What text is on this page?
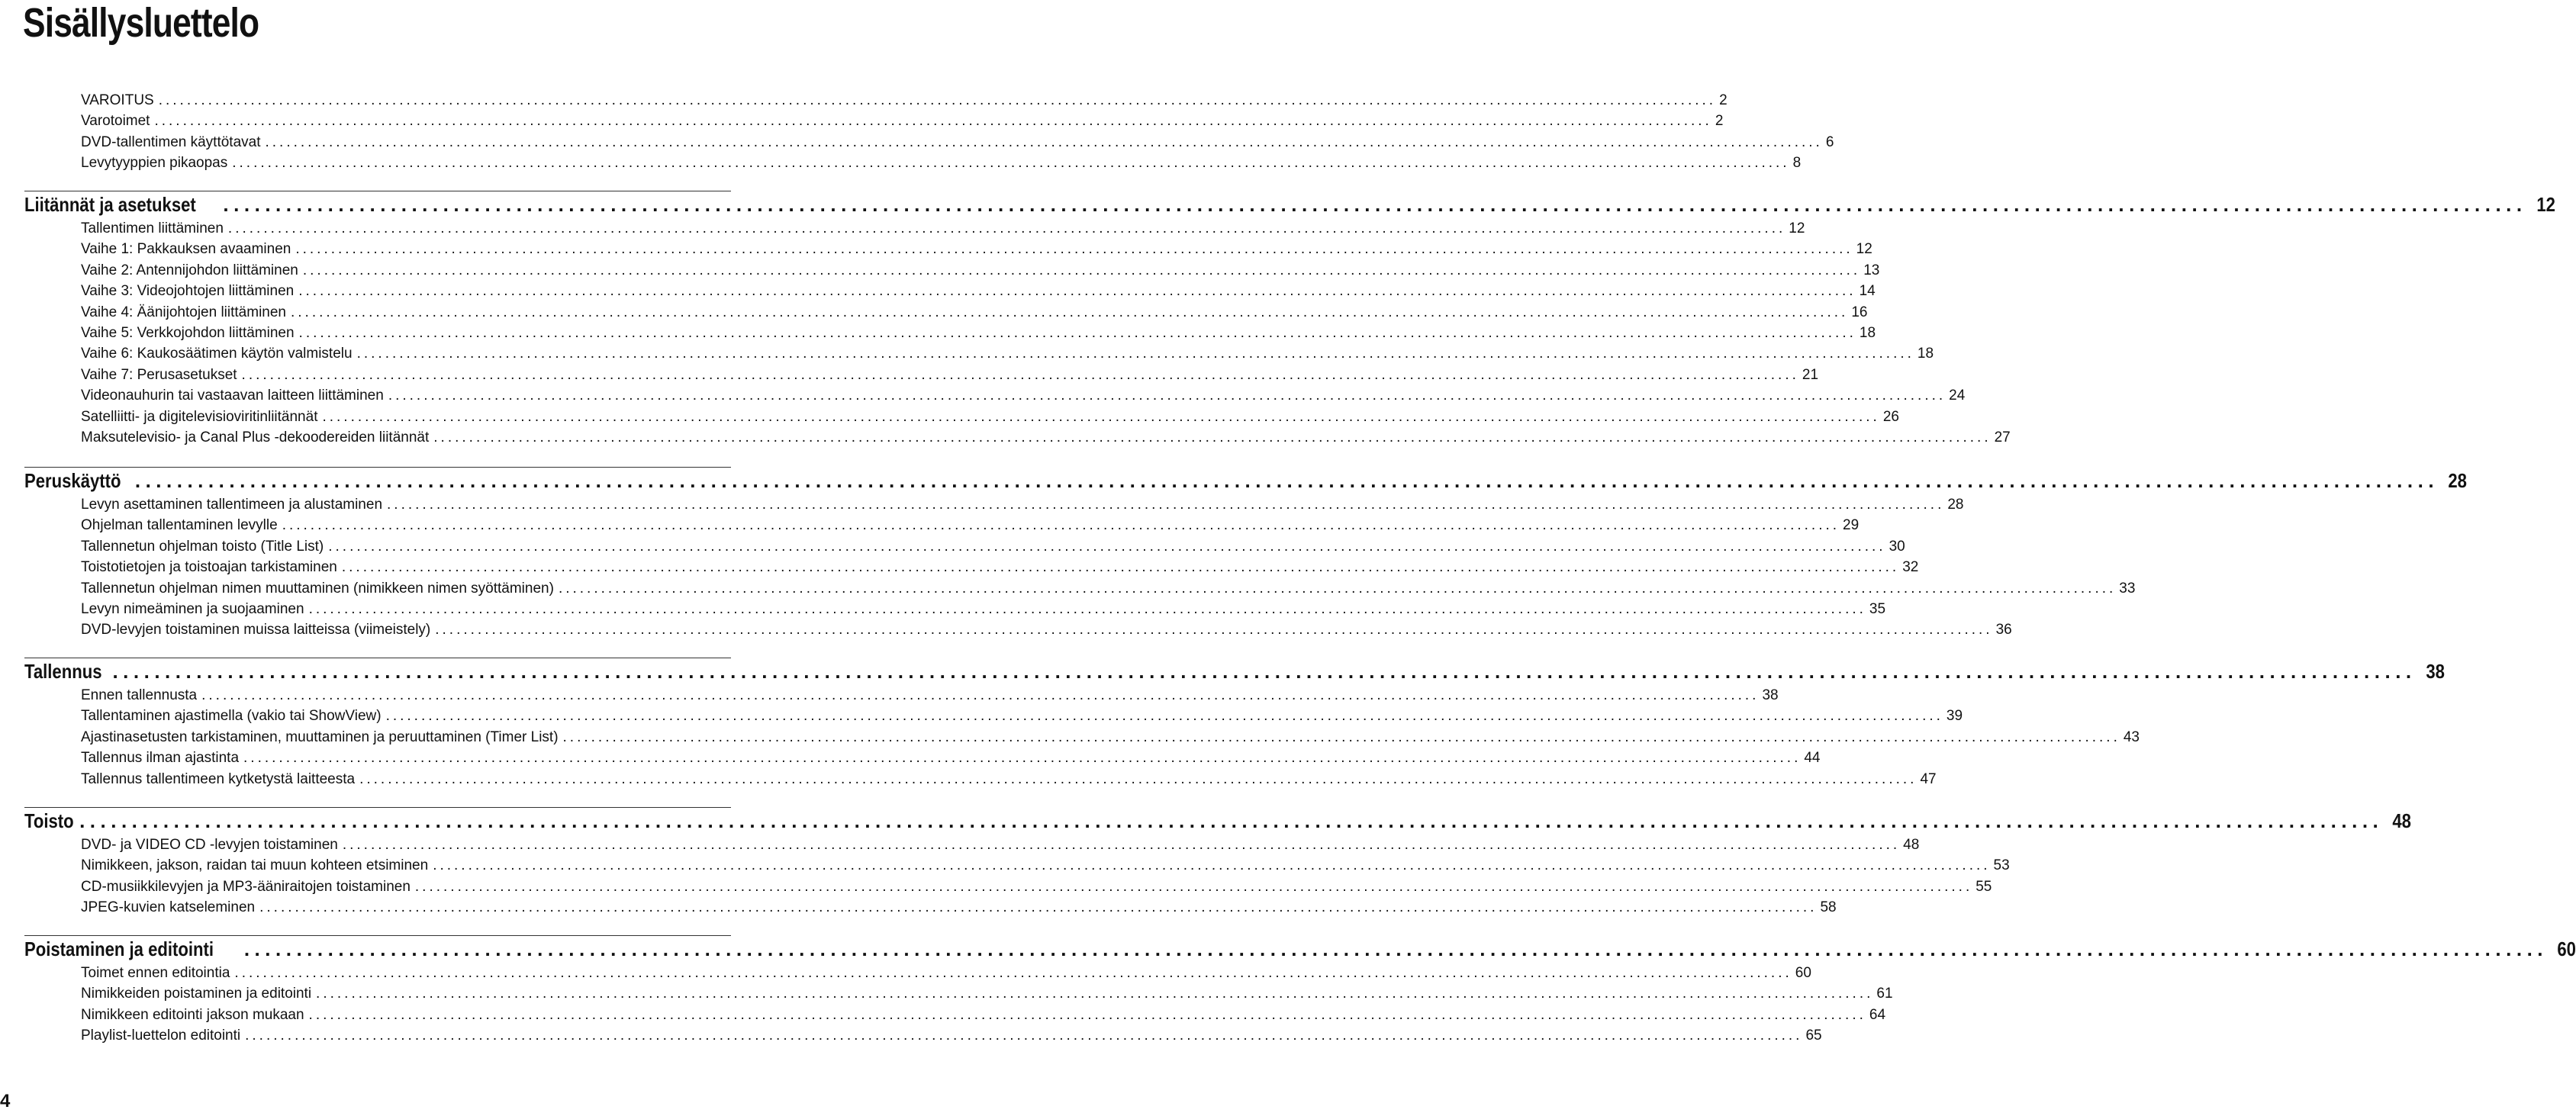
Sisällysluettelo
VAROITUS ............................................................................................................................................................................................................................ 2
Varotoimet ............................................................................................................................................................................................................................ 2
DVD-tallentimen käyttötavat ............................................................................................................................................................................................................................ 6
Levytyyppien pikaopas ............................................................................................................................................................................................................................ 8
Liitännät ja asetukset ............................................................................................................................................................................................................................ 12
Tallentimen liittäminen ............................................................................................................................................................................................................................ 12
Vaihe 1: Pakkauksen avaaminen ............................................................................................................................................................................................................................ 12
Vaihe 2: Antennijohdon liittäminen ............................................................................................................................................................................................................................ 13
Vaihe 3: Videojohtojen liittäminen ............................................................................................................................................................................................................................ 14
Vaihe 4: Äänijohtojen liittäminen ............................................................................................................................................................................................................................ 16
Vaihe 5: Verkkojohdon liittäminen ............................................................................................................................................................................................................................ 18
Vaihe 6: Kaukosäätimen käytön valmistelu ............................................................................................................................................................................................................................ 18
Vaihe 7: Perusasetukset ............................................................................................................................................................................................................................ 21
Videonauhurin tai vastaavan laitteen liittäminen ............................................................................................................................................................................................................................ 24
Satelliitti- ja digitelevisioviritinliitännät ............................................................................................................................................................................................................................ 26
Maksutelevisio- ja Canal Plus -dekoodereiden liitännät ............................................................................................................................................................................................................................ 27
Peruskäyttö ............................................................................................................................................................................................................................ 28
Levyn asettaminen tallentimeen ja alustaminen ............................................................................................................................................................................................................................ 28
Ohjelman tallentaminen levylle ............................................................................................................................................................................................................................ 29
Tallennetun ohjelman toisto (Title List) ............................................................................................................................................................................................................................ 30
Toistotietojen ja toistoajan tarkistaminen ............................................................................................................................................................................................................................ 32
Tallennetun ohjelman nimen muuttaminen (nimikkeen nimen syöttäminen) ............................................................................................................................................................................................................................ 33
Levyn nimeäminen ja suojaaminen ............................................................................................................................................................................................................................ 35
DVD-levyjen toistaminen muissa laitteissa (viimeistely) ............................................................................................................................................................................................................................ 36
Tallennus ............................................................................................................................................................................................................................ 38
Ennen tallennusta ............................................................................................................................................................................................................................ 38
Tallentaminen ajastimella (vakio tai ShowView) ............................................................................................................................................................................................................................ 39
Ajastinasetusten tarkistaminen, muuttaminen ja peruuttaminen (Timer List) ............................................................................................................................................................................................................................ 43
Tallennus ilman ajastinta ............................................................................................................................................................................................................................ 44
Tallennus tallentimeen kytketystä laitteesta ............................................................................................................................................................................................................................ 47
Toisto ............................................................................................................................................................................................................................ 48
DVD- ja VIDEO CD -levyjen toistaminen ............................................................................................................................................................................................................................ 48
Nimikkeen, jakson, raidan tai muun kohteen etsiminen ............................................................................................................................................................................................................................ 53
CD-musiikkilevyjen ja MP3-ääniraitojen toistaminen ............................................................................................................................................................................................................................ 55
JPEG-kuvien katseleminen ............................................................................................................................................................................................................................ 58
Poistaminen ja editointi ............................................................................................................................................................................................................................ 60
Toimet ennen editointia ............................................................................................................................................................................................................................ 60
Nimikkeiden poistaminen ja editointi ............................................................................................................................................................................................................................ 61
Nimikkeen editointi jakson mukaan ............................................................................................................................................................................................................................ 64
Playlist-luettelon editointi ............................................................................................................................................................................................................................ 65
4
